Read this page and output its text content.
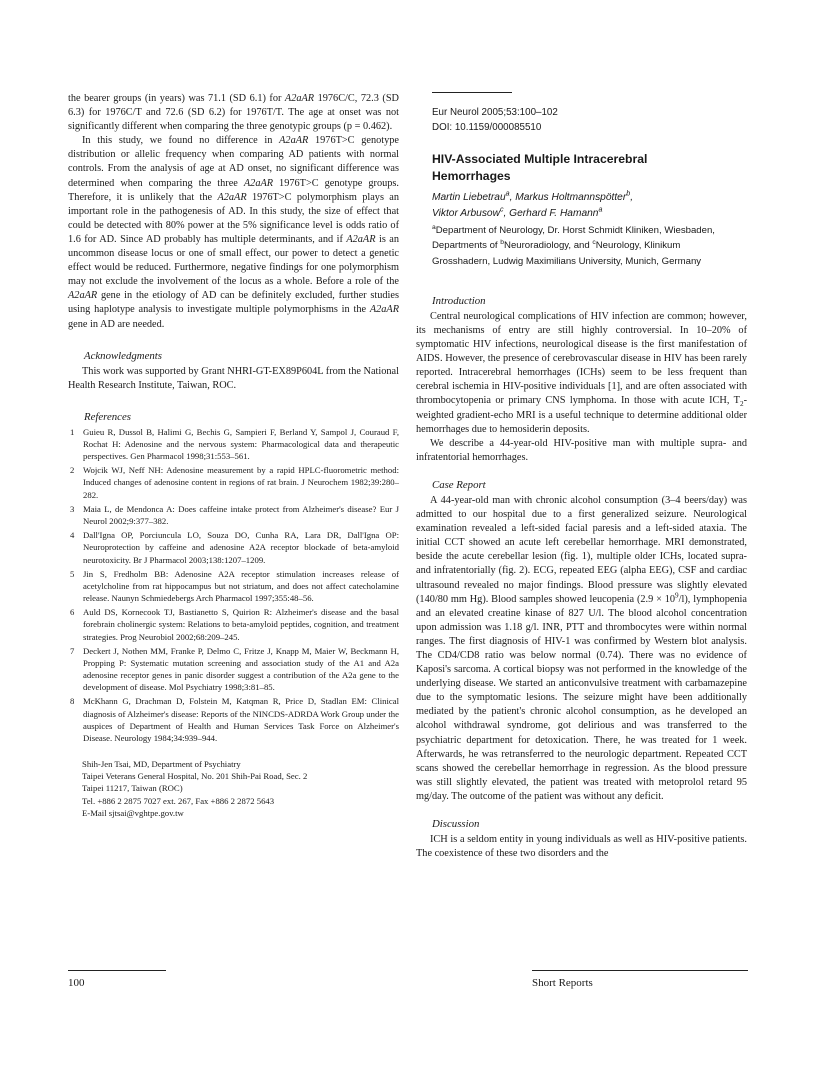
the bearer groups (in years) was 71.1 (SD 6.1) for A2aAR 1976C/C, 72.3 (SD 6.3) for 1976C/T and 72.6 (SD 6.2) for 1976T/T. The age at onset was not significantly different when comparing the three genotypic groups (p = 0.462).

In this study, we found no difference in A2aAR 1976T>C genotype distribution or allelic frequency when comparing AD patients with normal controls. From the analysis of age at AD onset, no significant difference was determined when comparing the three A2aAR 1976T>C genotype groups. Therefore, it is unlikely that the A2aAR 1976T>C polymorphism plays an important role in the pathogenesis of AD. In this study, the size of effect that could be detected with 80% power at the 5% significance level is odds ratio of 1.6 for AD. Since AD probably has multiple determinants, and if A2aAR is an uncommon disease locus or one of small effect, our power to detect a genetic effect would be reduced. Furthermore, negative findings for one polymorphism may not exclude the involvement of the locus as a whole. Before a role of the A2aAR gene in the etiology of AD can be definitely excluded, further studies using haplotype analysis to investigate multiple polymorphisms in the A2aAR gene in AD are needed.

Acknowledgments

This work was supported by Grant NHRI-GT-EX89P604L from the National Health Research Institute, Taiwan, ROC.

References
1 Guieu R, Dussol B, Halimi G, Bechis G, Sampieri F, Berland Y, Sampol J, Couraud F, Rochat H: Adenosine and the nervous system: Pharmacological data and therapeutic perspectives. Gen Pharmacol 1998;31:553–561.
2 Wojcik WJ, Neff NH: Adenosine measurement by a rapid HPLC-fluorometric method: Induced changes of adenosine content in regions of rat brain. J Neurochem 1982;39:280–282.
3 Maia L, de Mendonca A: Does caffeine intake protect from Alzheimer's disease? Eur J Neurol 2002;9:377–382.
4 Dall'Igna OP, Porciuncula LO, Souza DO, Cunha RA, Lara DR, Dall'Igna OP: Neuroprotection by caffeine and adenosine A2A receptor blockade of beta-amyloid neurotoxicity. Br J Pharmacol 2003;138:1207–1209.
5 Jin S, Fredholm BB: Adenosine A2A receptor stimulation increases release of acetylcholine from rat hippocampus but not striatum, and does not affect catecholamine release. Naunyn Schmiedebergs Arch Pharmacol 1997;355:48–56.
6 Auld DS, Kornecook TJ, Bastianetto S, Quirion R: Alzheimer's disease and the basal forebrain cholinergic system: Relations to beta-amyloid peptides, cognition, and treatment strategies. Prog Neurobiol 2002;68:209–245.
7 Deckert J, Nothen MM, Franke P, Delmo C, Fritze J, Knapp M, Maier W, Beckmann H, Propping P: Systematic mutation screening and association study of the A1 and A2a adenosine receptor genes in panic disorder suggest a contribution of the A2a gene to the development of disease. Mol Psychiatry 1998;3:81–85.
8 McKhann G, Drachman D, Folstein M, Katqman R, Price D, Stadlan EM: Clinical diagnosis of Alzheimer's disease: Reports of the NINCDS-ADRDA Work Group under the auspices of Department of Health and Human Services Task Force on Alzheimer's Disease. Neurology 1984;34:939–944.
Shih-Jen Tsai, MD, Department of Psychiatry
Taipei Veterans General Hospital, No. 201 Shih-Pai Road, Sec. 2
Taipei 11217, Taiwan (ROC)
Tel. +886 2 2875 7027 ext. 267, Fax +886 2 2872 5643
E-Mail sjtsai@vghtpe.gov.tw
Eur Neurol 2005;53:100–102
DOI: 10.1159/000085510
HIV-Associated Multiple Intracerebral Hemorrhages
Martin Liebetrau$^a$, Markus Holtmannspötter$^b$,
Viktor Arbusow$^c$, Gerhard F. Hamann$^a$
$^a$Department of Neurology, Dr. Horst Schmidt Kliniken, Wiesbaden, Departments of $^b$Neuroradiology, and $^c$Neurology, Klinikum Grosshadern, Ludwig Maximilians University, Munich, Germany
Introduction

Central neurological complications of HIV infection are common; however, its mechanisms of entry are still highly controversial. In 10–20% of symptomatic HIV infections, neurological disease is the first manifestation of AIDS. However, the presence of cerebrovascular disease in HIV has been rarely reported. Intracerebral hemorrhages (ICHs) seem to be less frequent than cerebral ischemia in HIV-positive individuals [1], and are often associated with thrombocytopenia or primary CNS lymphoma. In those with acute ICH, $T_2$-weighted gradient-echo MRI is a useful technique to determine additional older hemorrhages due to hemosiderin deposits.

We describe a 44-year-old HIV-positive man with multiple supra- and infratentorial hemorrhages.

Case Report

A 44-year-old man with chronic alcohol consumption (3–4 beers/day) was admitted to our hospital due to a first generalized seizure. Neurological examination revealed a left-sided facial paresis and a left-sided ataxia. The initial CCT showed an acute left cerebellar hemorrhage. MRI demonstrated, beside the acute cerebellar lesion (fig. 1), multiple older ICHs, located supra- and infratentorially (fig. 2). ECG, repeated EEG (alpha EEG), CSF and cardiac ultrasound revealed no major findings. Blood pressure was slightly elevated (140/80 mm Hg). Blood samples showed leucopenia $(2.9 \times 10^9/l)$, lymphopenia and an elevated creatine kinase of 827 U/l. The blood alcohol concentration upon admission was 1.18 g/l. INR, PTT and thrombocytes were within normal ranges. The first diagnosis of HIV-1 was confirmed by Western blot analysis. The CD4/CD8 ratio was below normal (0.74). There was no evidence of Kaposi's sarcoma. A cortical biopsy was not performed in the knowledge of the underlying disease. We started an anticonvulsive treatment with carbamazepine due to the symptomatic lesions. The seizure might have been additionally mediated by the patient's chronic alcohol consumption, as he developed an alcohol withdrawal syndrome, got delirious and was transferred to the psychiatric department for detoxication. There, he was treated for 1 week. Afterwards, he was retransferred to the neurologic department. Repeated CCT scans showed the cerebellar hemorrhage in regression. As the blood pressure was still slightly elevated, the patient was treated with metoprolol retard 95 mg/day. The outcome of the patient was without any deficit.

Discussion

ICH is a seldom entity in young individuals as well as HIV-positive patients. The coexistence of these two disorders and the

100	Short Reports
